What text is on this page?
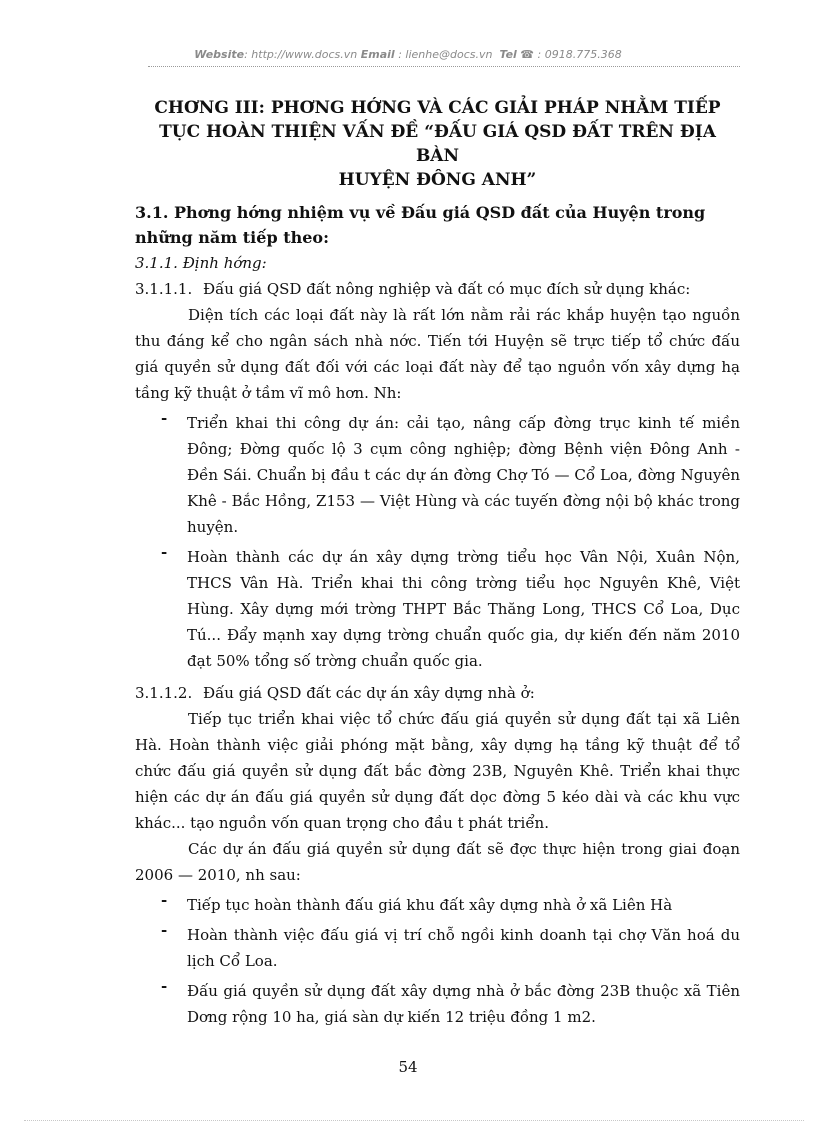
Website: http://www.docs.vn Email : lienhe@docs.vn Tel ☎ : 0918.775.368
CHƠNG III: PHƠNG HỚNG VÀ CÁC GIẢI PHÁP NHẰM TIẾP
TỤC HOÀN THIỆN VẤN ĐỀ “ĐẤU GIÁ QSD ĐẤT TRÊN ĐỊA BÀN
HUYỆN ĐÔNG ANH”

3.1. Phơng hớng nhiệm vụ về Đấu giá QSD đất của Huyện trong những năm tiếp theo:

3.1.1. Định hớng:

3.1.1.1. Đấu giá QSD đất nông nghiệp và đất có mục đích sử dụng khác:

Diện tích các loại đất này là rất lớn nằm rải rác khắp huyện tạo nguồn thu đáng kể cho ngân sách nhà nớc. Tiến tới Huyện sẽ trực tiếp tổ chức đấu giá quyền sử dụng đất đối với các loại đất này để tạo nguồn vốn xây dựng hạ tầng kỹ thuật ở tầm vĩ mô hơn. Nh:

- Triển khai thi công dự án: cải tạo, nâng cấp đờng trục kinh tế miền Đông; Đờng quốc lộ 3 cụm công nghiệp; đờng Bệnh viện Đông Anh - Đền Sái. Chuẩn bị đầu t các dự án đờng Chợ Tó — Cổ Loa, đờng Nguyên Khê - Bắc Hồng, Z153 — Việt Hùng và các tuyến đờng nội bộ khác trong huyện.
- Hoàn thành các dự án xây dựng trờng tiểu học Vân Nội, Xuân Nộn, THCS Vân Hà. Triển khai thi công trờng tiểu học Nguyên Khê, Việt Hùng. Xây dựng mới trờng THPT Bắc Thăng Long, THCS Cổ Loa, Dục Tú... Đẩy mạnh xay dựng trờng chuẩn quốc gia, dự kiến đến năm 2010 đạt 50% tổng số trờng chuẩn quốc gia.

3.1.1.2. Đấu giá QSD đất các dự án xây dựng nhà ở:

Tiếp tục triển khai việc tổ chức đấu giá quyền sử dụng đất tại xã Liên Hà. Hoàn thành việc giải phóng mặt bằng, xây dựng hạ tầng kỹ thuật để tổ chức đấu giá quyền sử dụng đất bắc đờng 23B, Nguyên Khê. Triển khai thực hiện các dự án đấu giá quyền sử dụng đất dọc đờng 5 kéo dài và các khu vực khác... tạo nguồn vốn quan trọng cho đầu t phát triển.

Các dự án đấu giá quyền sử dụng đất sẽ đợc thực hiện trong giai đoạn 2006 — 2010, nh sau:

- Tiếp tục hoàn thành đấu giá khu đất xây dựng nhà ở xã Liên Hà
- Hoàn thành việc đấu giá vị trí chỗ ngồi kinh doanh tại chợ Văn hoá du lịch Cổ Loa.
- Đấu giá quyền sử dụng đất xây dựng nhà ở bắc đờng 23B thuộc xã Tiên Dơng rộng 10 ha, giá sàn dự kiến 12 triệu đồng 1 m2.
54
